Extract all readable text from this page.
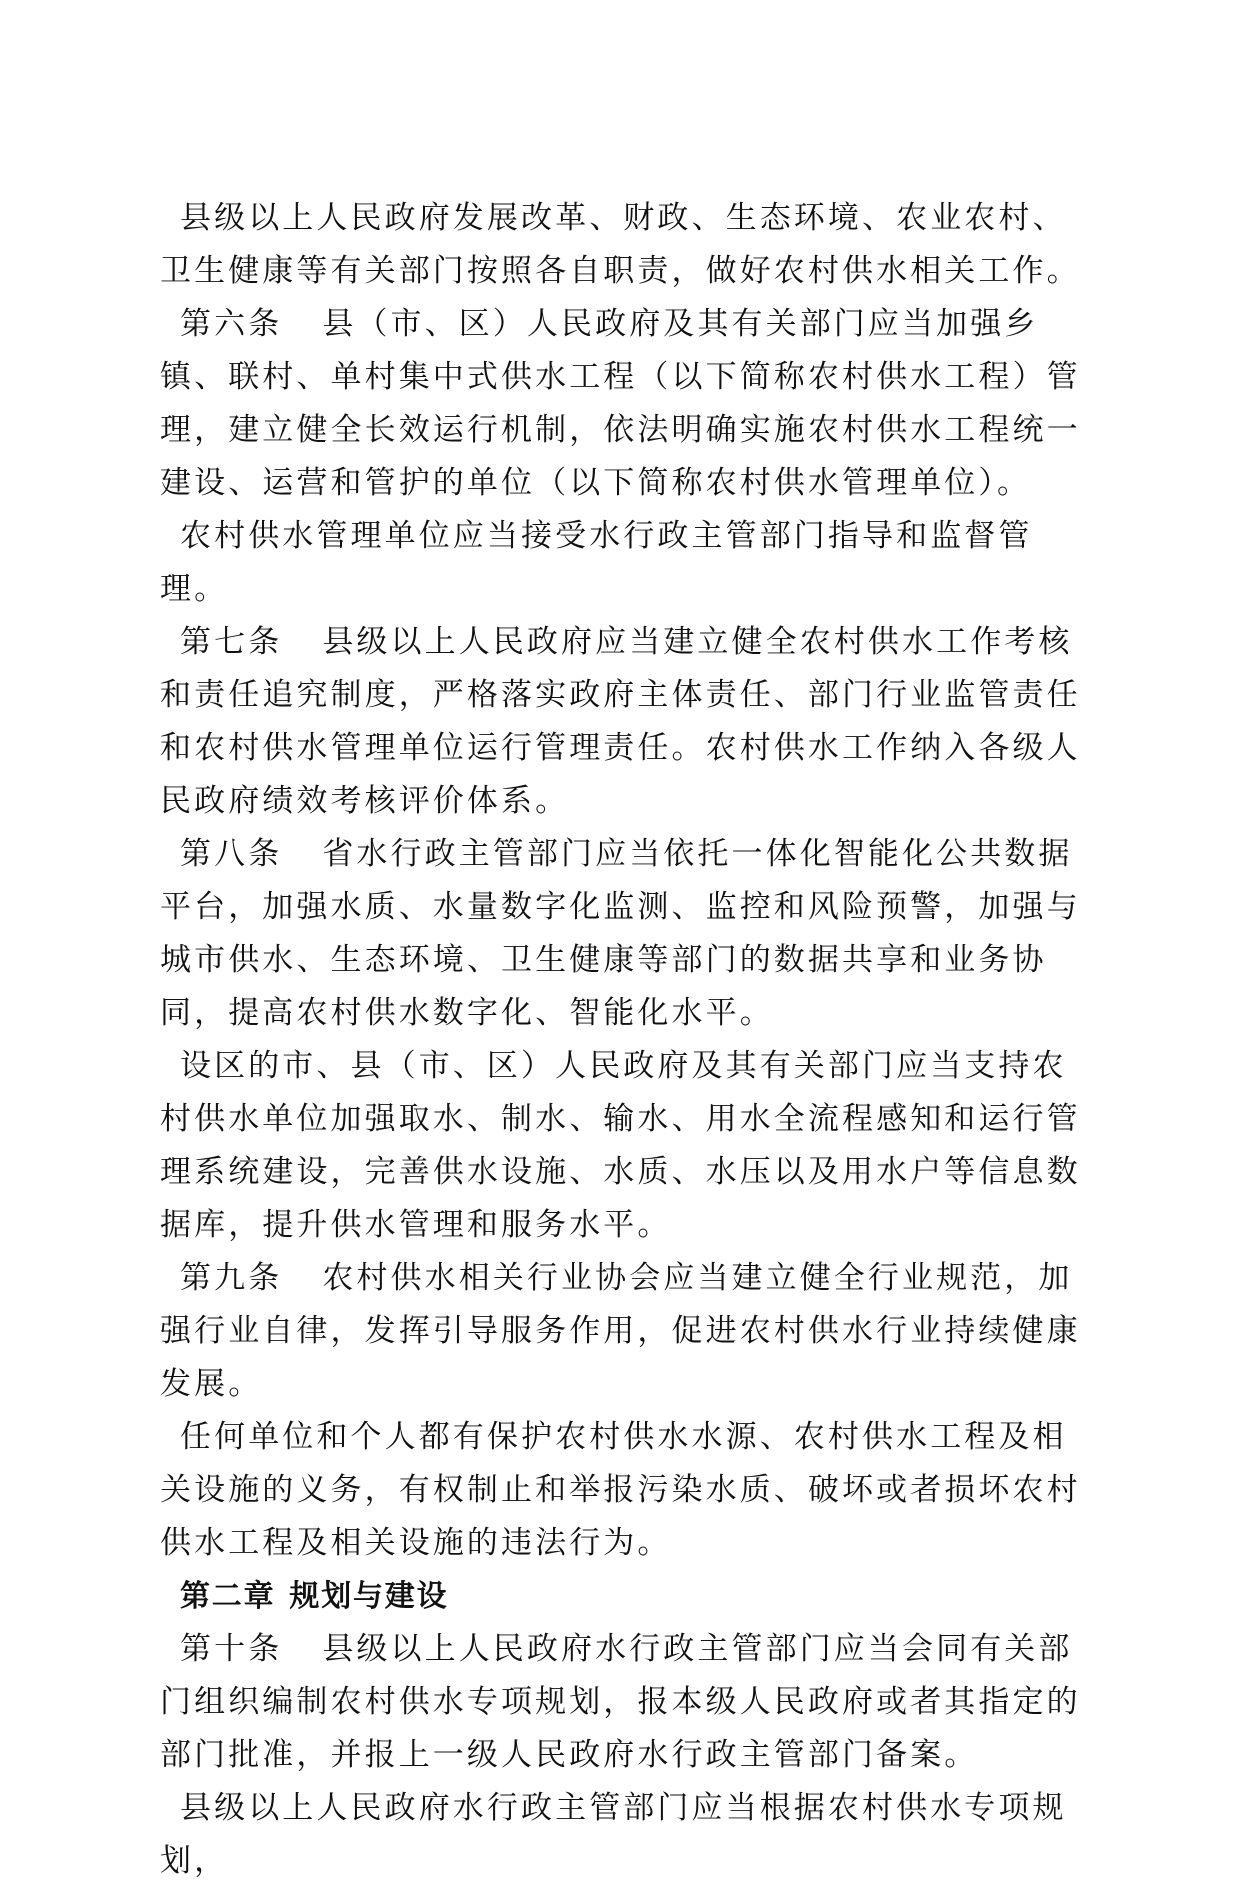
县级以上人民政府发展改革、财政、生态环境、农业农村、卫生健康等有关部门按照各自职责，做好农村供水相关工作。

第六条 县（市、区）人民政府及其有关部门应当加强乡镇、联村、单村集中式供水工程（以下简称农村供水工程）管理，建立健全长效运行机制，依法明确实施农村供水工程统一建设、运营和管护的单位（以下简称农村供水管理单位）。

农村供水管理单位应当接受水行政主管部门指导和监督管理。

第七条 县级以上人民政府应当建立健全农村供水工作考核和责任追究制度，严格落实政府主体责任、部门行业监管责任和农村供水管理单位运行管理责任。农村供水工作纳入各级人民政府绩效考核评价体系。

第八条 省水行政主管部门应当依托一体化智能化公共数据平台，加强水质、水量数字化监测、监控和风险预警，加强与城市供水、生态环境、卫生健康等部门的数据共享和业务协同，提高农村供水数字化、智能化水平。

设区的市、县（市、区）人民政府及其有关部门应当支持农村供水单位加强取水、制水、输水、用水全流程感知和运行管理系统建设，完善供水设施、水质、水压以及用水户等信息数据库，提升供水管理和服务水平。

第九条 农村供水相关行业协会应当建立健全行业规范，加强行业自律，发挥引导服务作用，促进农村供水行业持续健康发展。

任何单位和个人都有保护农村供水水源、农村供水工程及相关设施的义务，有权制止和举报污染水质、破坏或者损坏农村供水工程及相关设施的违法行为。

第二章 规划与建设

第十条 县级以上人民政府水行政主管部门应当会同有关部门组织编制农村供水专项规划，报本级人民政府或者其指定的部门批准，并报上一级人民政府水行政主管部门备案。

县级以上人民政府水行政主管部门应当根据农村供水专项规划，
